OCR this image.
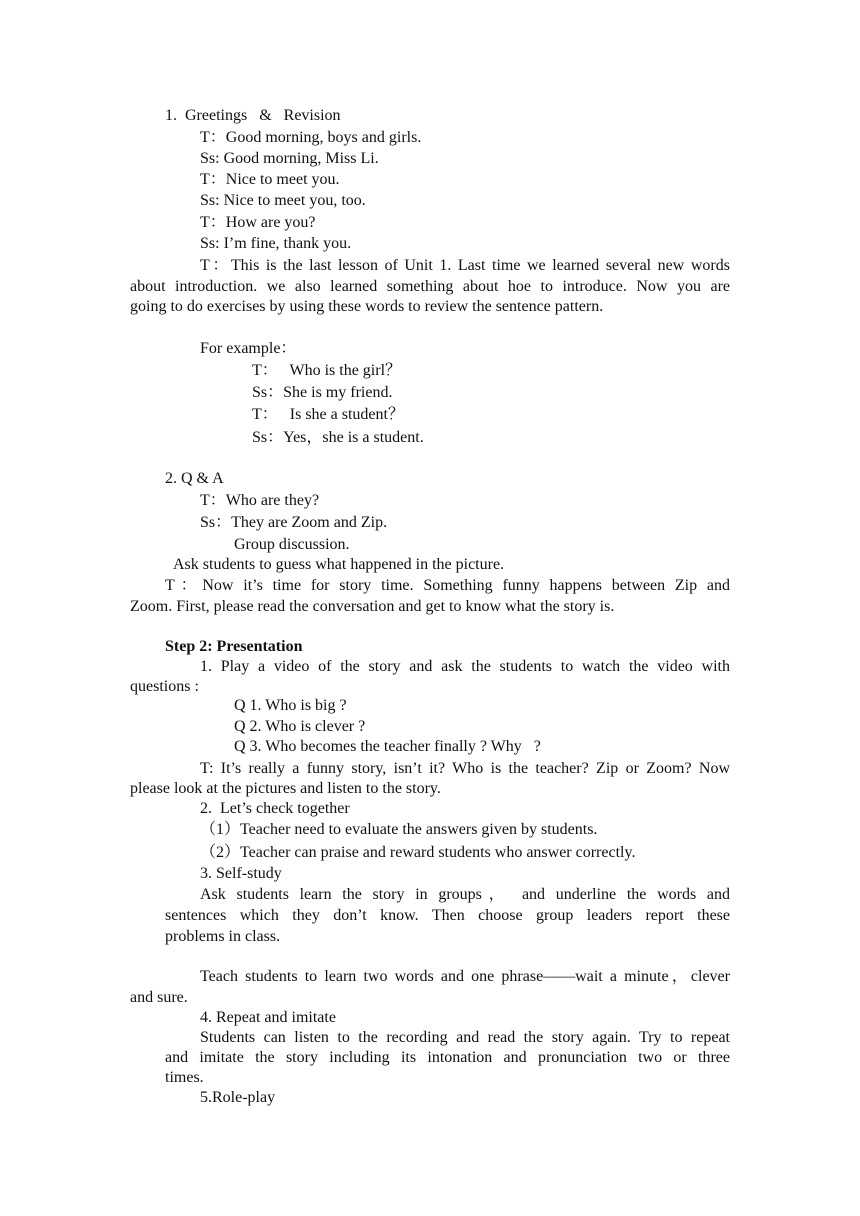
1.  Greetings   &   Revision
T：Good morning, boys and girls.
Ss: Good morning, Miss Li.
T：Nice to meet you.
Ss: Nice to meet you, too.
T：How are you?
Ss: I’m fine, thank you.
T：This is the last lesson of Unit 1. Last time we learned several new words
about introduction. we also learned something about hoe to introduce. Now you are
going to do exercises by using these words to review the sentence pattern.
For example：
T：   Who is the girl？
Ss：She is my friend.
T：   Is she a student？
Ss：Yes，she is a student.
2. Q & A
T：Who are they?
Ss：They are Zoom and Zip.
Group discussion.
Ask students to guess what happened in the picture.
T：Now it’s time for story time. Something funny happens between Zip and
Zoom. First, please read the conversation and get to know what the story is.
Step 2: Presentation
1. Play a video of the story and ask the students to watch the video with
questions :
Q 1. Who is big ?
Q 2. Who is clever ?
Q 3. Who becomes the teacher finally ? Why   ?
T: It’s really a funny story, isn’t it? Who is the teacher? Zip or Zoom? Now
please look at the pictures and listen to the story.
2.  Let’s check together
（1）Teacher need to evaluate the answers given by students.
（2）Teacher can praise and reward students who answer correctly.
3. Self-study
Ask students learn the story in groups， and underline the words and
sentences which they don’t know. Then choose group leaders report these
problems in class.
Teach students to learn two words and one phrase——wait a minute，clever
and sure.
4. Repeat and imitate
Students can listen to the recording and read the story again. Try to repeat
and imitate the story including its intonation and pronunciation two or three
times.
5.Role-play
